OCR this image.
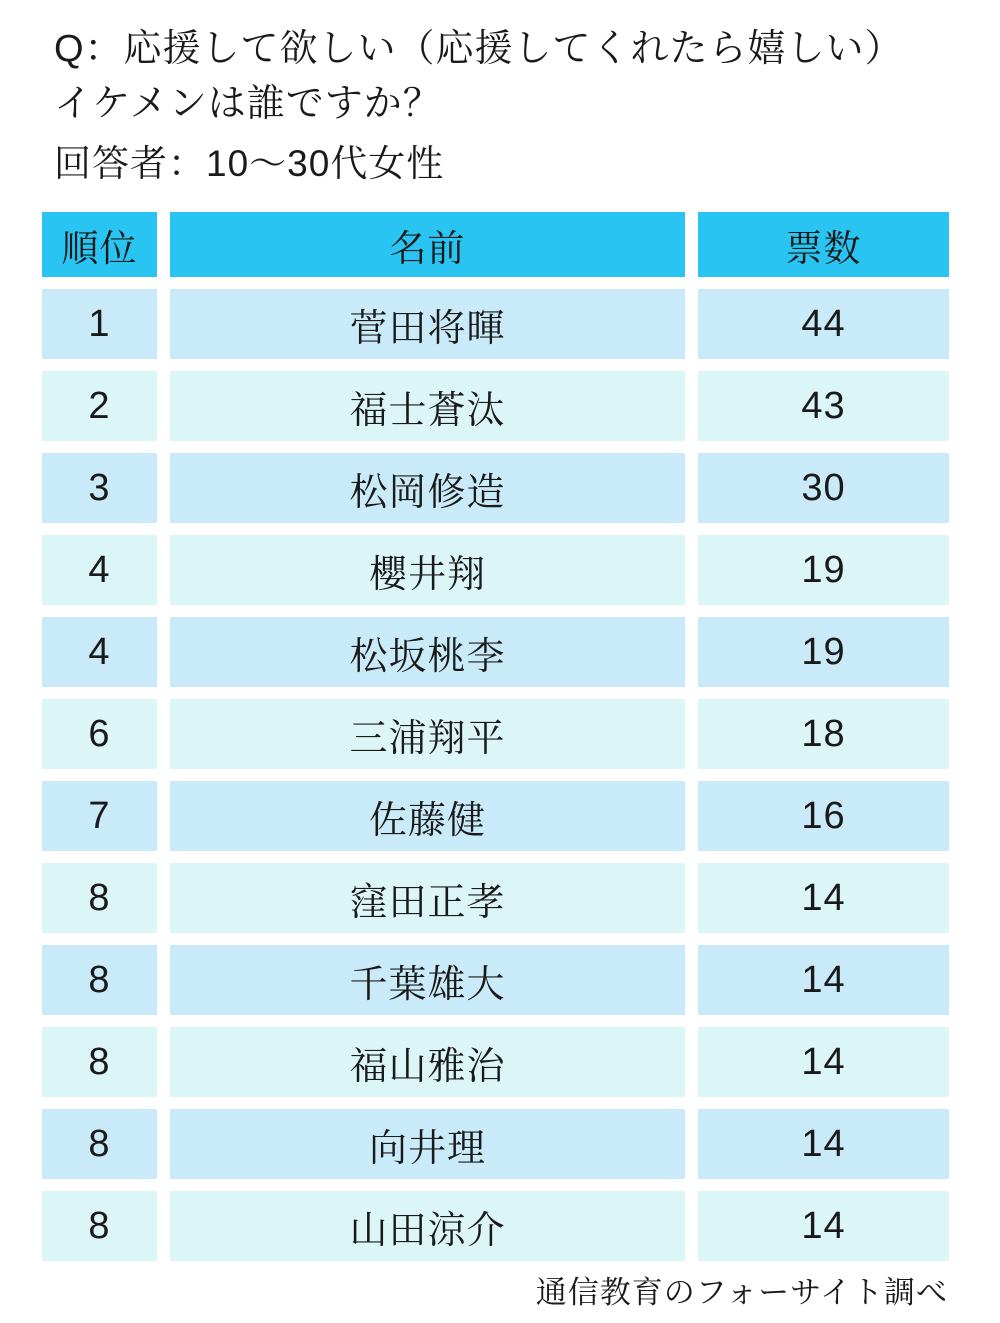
Q：応援して欲しい（応援してくれたら嬉しい）
イケメンは誰ですか？
回答者：10〜30代女性
順位	名前	票数
1	菅田将暉	44
2	福士蒼汰	43
3	松岡修造	30
4	櫻井翔	19
4	松坂桃李	19
6	三浦翔平	18
7	佐藤健	16
8	窪田正孝	14
8	千葉雄大	14
8	福山雅治	14
8	向井理	14
8	山田涼介	14
通信教育のフォーサイト調べ
